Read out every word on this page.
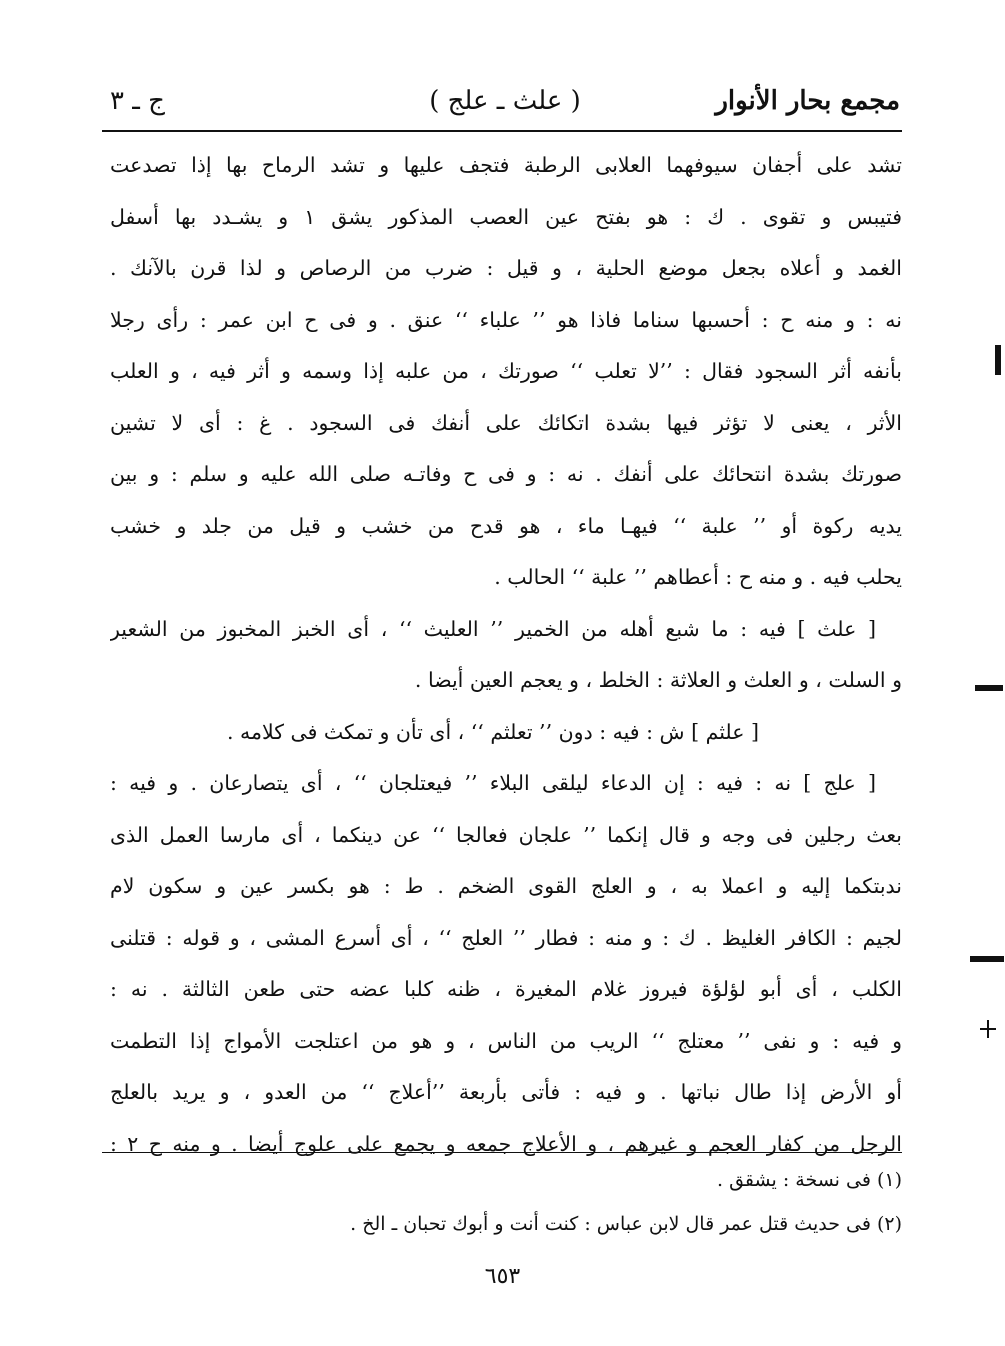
مجمع بحار الأنوار
( علث ـ علج )
ج ـ ٣
تشد على أجفان سيوفهما العلابى الرطبة فتجف عليها و تشد الرماح بها إذا تصدعت
فتيبس و تقوى . ك : هو بفتح عين العصب المذكور يشق ١ و يشـدد بها أسفل
الغمد و أعلاه بجعل موضع الحلية ، و قيل : ضرب من الرصاص و لذا قرن بالآنك .
نه : و منه ح : أحسبها سناما فاذا هو ’’ علباء ‘‘ عنق . و فى ح ابن عمر : رأى رجلا
بأنفه أثر السجود فقال : ’’لا تعلب ‘‘ صورتك ، من علبه إذا وسمه و أثر فيه ، و العلب
الأثر ، يعنى لا تؤثر فيها بشدة اتكائك على أنفك فى السجود . غ : أى لا تشين
صورتك بشدة انتحائك على أنفك . نه : و فى ح وفاتـه صلى الله عليه و سلم : و بين
يديه ركوة أو ’’ علبة ‘‘ فيهـا ماء ، هو قدح من خشب و قيل من جلد و خشب
يحلب فيه . و منه ح : أعطاهم ’’ علبة ‘‘ الحالب .
[ علث ] فيه : ما شبع أهله من الخمير ’’ العليث ‘‘ ، أى الخبز المخبوز من الشعير
و السلت ، و العلث و العلاثة : الخلط ، و يعجم العين أيضا .
[ علثم ] ش : فيه : دون ’’ تعلثم ‘‘ ، أى تأن و تمكث فى كلامه .
[ علج ] نه : فيه : إن الدعاء ليلقى البلاء ’’ فيعتلجان ‘‘ ، أى يتصارعان . و فيه :
بعث رجلين فى وجه و قال إنكما ’’ علجان فعالجا ‘‘ عن دينكما ، أى مارسا العمل الذى
ندبتكما إليه و اعملا به ، و العلج القوى الضخم . ط : هو بكسر عين و سكون لام
لجيم : الكافر الغليظ . ك : و منه : فطار ’’ العلج ‘‘ ، أى أسرع المشى ، و قوله : قتلنى
الكلب ، أى أبو لؤلؤة فيروز غلام المغيرة ، ظنه كلبا عضه حتى طعن الثالثة . نه :
و فيه : و نفى ’’ معتلج ‘‘ الريب من الناس ، و هو من اعتلجت الأمواج إذا التطمت
أو الأرض إذا طال نباتها . و فيه : فأتى بأربعة ’’أعلاج ‘‘ من العدو ، و يريد بالعلج
الرجل من كفار العجم و غيرهم ، و الأعلاج جمعه و يجمع على علوج أيضا . و منه ح ٢ :
(١) فى نسخة : يشقق .
(٢) فى حديث قتل عمر قال لابن عباس : كنت أنت و أبوك تحبان ـ الخ .
٦٥٣
